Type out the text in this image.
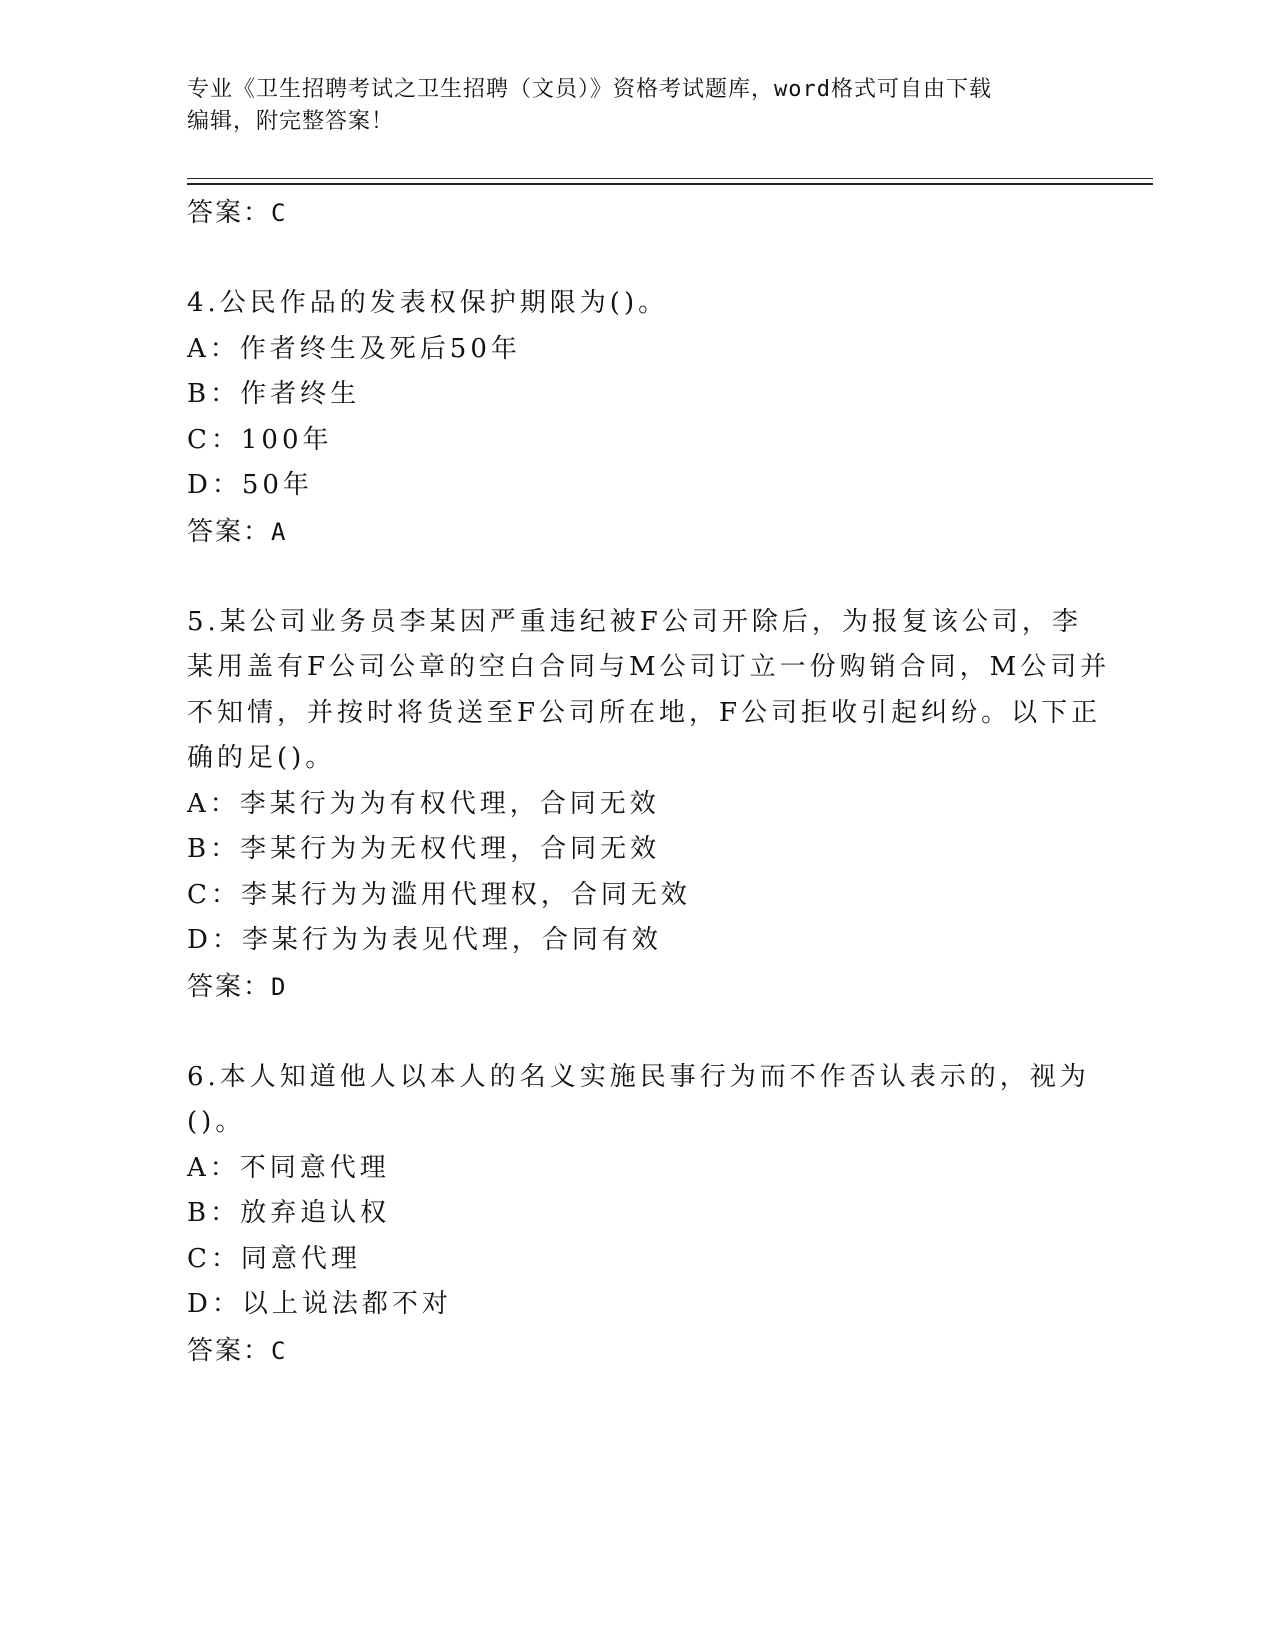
专业《卫生招聘考试之卫生招聘（文员）》资格考试题库，word格式可自由下载
编辑，附完整答案！
答案：C
4.公民作品的发表权保护期限为()。
A：作者终生及死后50年
B：作者终生
C：100年
D：50年
答案：A
5.某公司业务员李某因严重违纪被F公司开除后，为报复该公司，李
某用盖有F公司公章的空白合同与M公司订立一份购销合同，M公司并
不知情，并按时将货送至F公司所在地，F公司拒收引起纠纷。以下正
确的足()。
A：李某行为为有权代理，合同无效
B：李某行为为无权代理，合同无效
C：李某行为为滥用代理权，合同无效
D：李某行为为表见代理，合同有效
答案：D
6.本人知道他人以本人的名义实施民事行为而不作否认表示的，视为
()。
A：不同意代理
B：放弃追认权
C：同意代理
D：以上说法都不对
答案：C
